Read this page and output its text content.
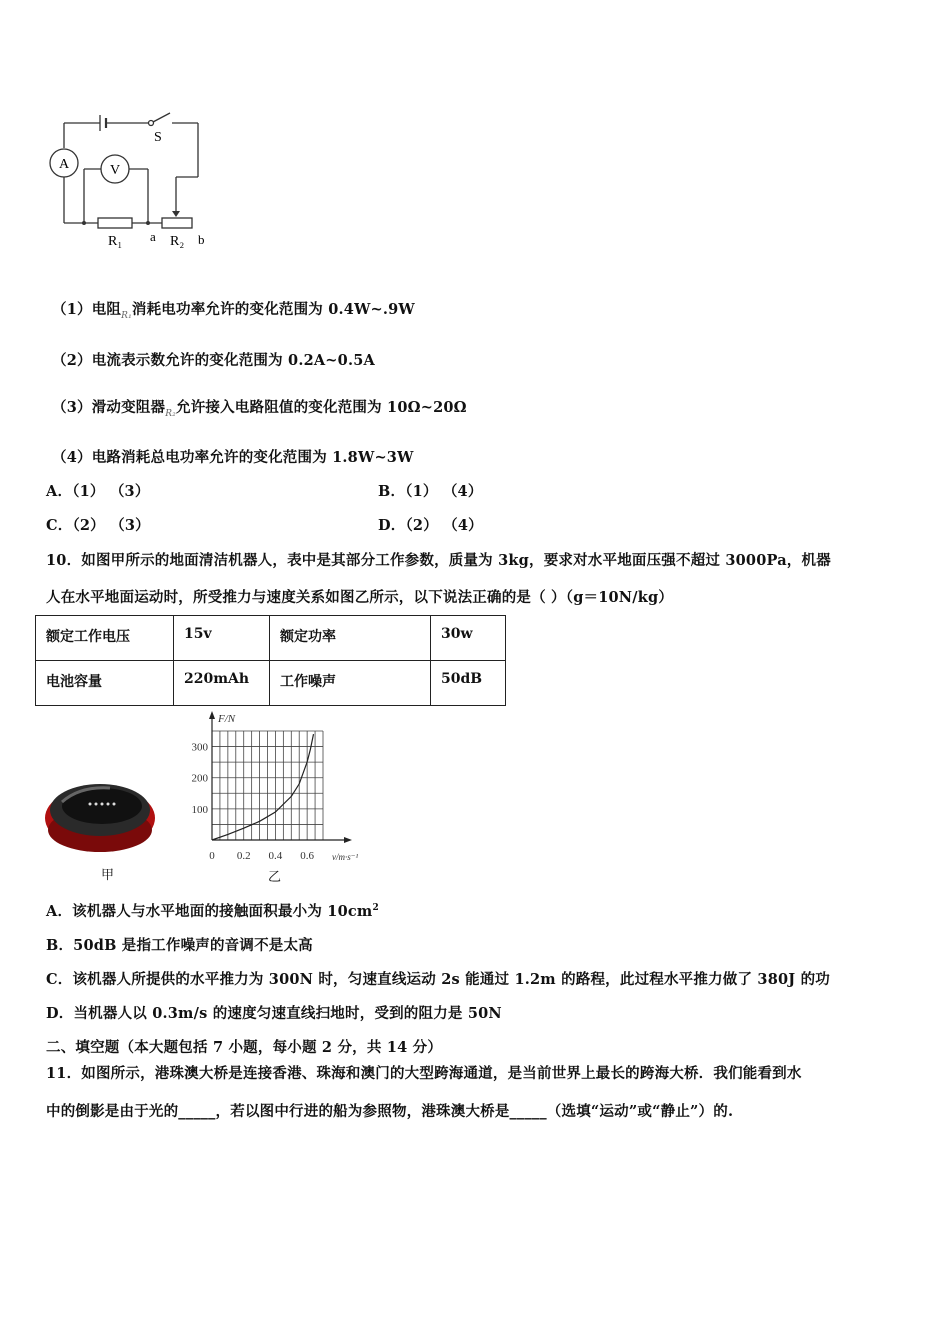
A	V
S
R₁ a R₂ b
（1）电阻$_{R_1}$消耗电功率允许的变化范围为 0.4W~.9W
（2）电流表示数允许的变化范围为 0.2A~0.5A
（3）滑动变阻器$_{R_2}$允许接入电路阻值的变化范围为 10Ω~20Ω
（4）电路消耗总电功率允许的变化范围为 1.8W~3W
A．（1） （3）	B．（1） （4）
C．（2） （3）	D．（2） （4）
10．如图甲所示的地面清洁机器人，表中是其部分工作参数，质量为 3kg，要求对水平地面压强不超过 3000Pa，机器
人在水平地面运动时，所受推力与速度关系如图乙所示，以下说法正确的是（ ）（g＝10N/kg）
额定工作电压	15v	额定功率	30w
电池容量	220mAh	工作噪声	50dB
甲
100
200
300
0 0.2 0.4 0.6
F/N
v/m·s⁻¹
乙
A．该机器人与水平地面的接触面积最小为 $10cm^2$
B．50dB 是指工作噪声的音调不是太高
C．该机器人所提供的水平推力为 300N 时，匀速直线运动 2s 能通过 1.2m 的路程，此过程水平推力做了 380J 的功
D．当机器人以 0.3m/s 的速度匀速直线扫地时，受到的阻力是 50N
二、填空题（本大题包括 7 小题，每小题 2 分，共 14 分）
11．如图所示，港珠澳大桥是连接香港、珠海和澳门的大型跨海通道，是当前世界上最长的跨海大桥．我们能看到水
中的倒影是由于光的_____，若以图中行进的船为参照物，港珠澳大桥是_____（选填“运动”或“静止”）的.
